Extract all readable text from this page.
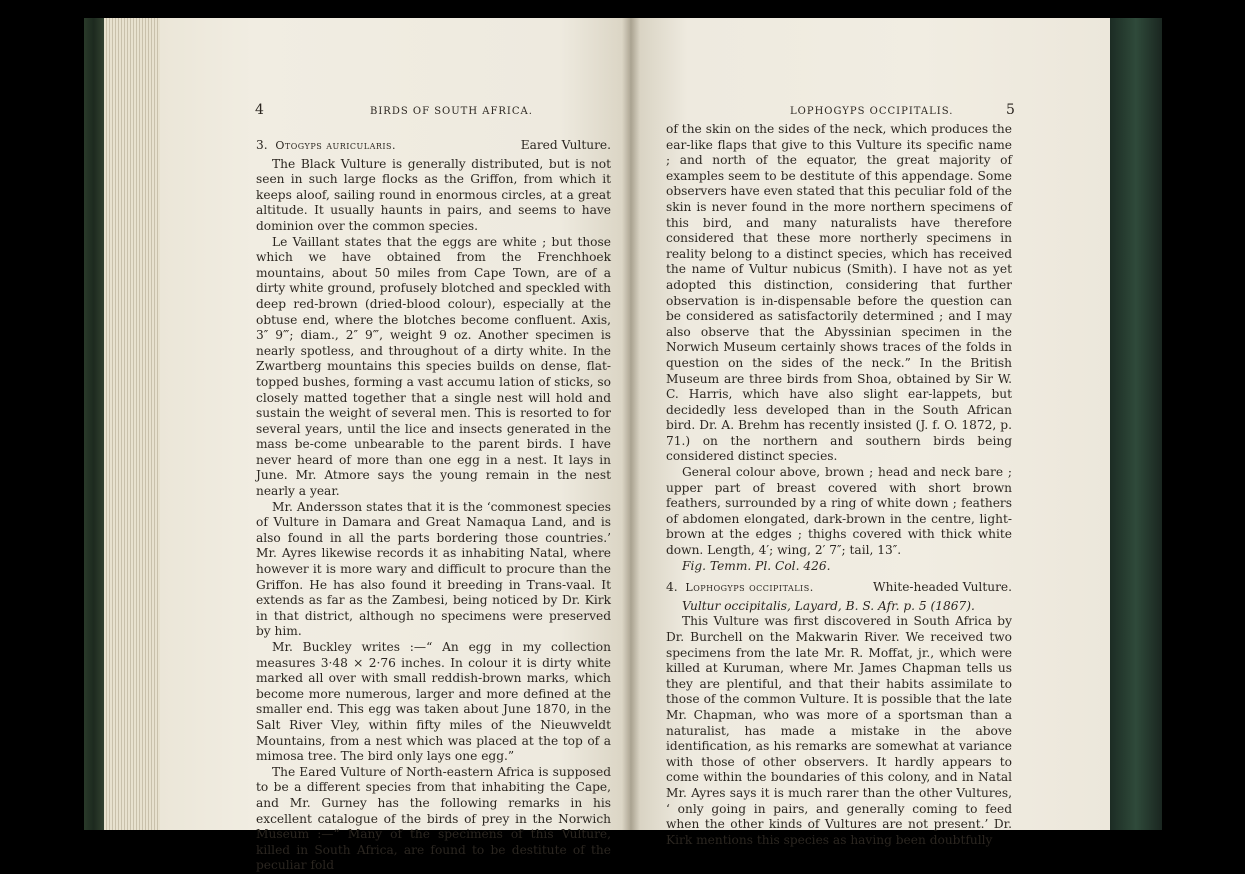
4	BIRDS OF SOUTH AFRICA.
3. Otogyps auricularis.	Eared Vulture.

The Black Vulture is generally distributed, but is not seen in such large flocks as the Griffon, from which it keeps aloof, sailing round in enormous circles, at a great altitude. It usually haunts in pairs, and seems to have dominion over the common species.

Le Vaillant states that the eggs are white ; but those which we have obtained from the Frenchhoek mountains, about 50 miles from Cape Town, are of a dirty white ground, profusely blotched and speckled with deep red-brown (dried-blood colour), especially at the obtuse end, where the blotches become confluent. Axis, 3″ 9‴; diam., 2″ 9‴, weight 9 oz. Another specimen is nearly spotless, and throughout of a dirty white. In the Zwartberg mountains this species builds on dense, flat-topped bushes, forming a vast accumu lation of sticks, so closely matted together that a single nest will hold and sustain the weight of several men. This is resorted to for several years, until the lice and insects generated in the mass be-come unbearable to the parent birds. I have never heard of more than one egg in a nest. It lays in June. Mr. Atmore says the young remain in the nest nearly a year.

Mr. Andersson states that it is the ‘commonest species of Vulture in Damara and Great Namaqua Land, and is also found in all the parts bordering those countries.’ Mr. Ayres likewise records it as inhabiting Natal, where however it is more wary and difficult to procure than the Griffon. He has also found it breeding in Trans-vaal. It extends as far as the Zambesi, being noticed by Dr. Kirk in that district, although no specimens were preserved by him.

Mr. Buckley writes :—“ An egg in my collection measures 3·48 × 2·76 inches. In colour it is dirty white marked all over with small reddish-brown marks, which become more numerous, larger and more defined at the smaller end. This egg was taken about June 1870, in the Salt River Vley, within fifty miles of the Nieuwveldt Mountains, from a nest which was placed at the top of a mimosa tree. The bird only lays one egg.”

The Eared Vulture of North-eastern Africa is supposed to be a different species from that inhabiting the Cape, and Mr. Gurney has the following remarks in his excellent catalogue of the birds of prey in the Norwich Museum :—“ Many of the specimens of this Vulture, killed in South Africa, are found to be destitute of the peculiar fold

LOPHOGYPS OCCIPITALIS.	5

of the skin on the sides of the neck, which produces the ear-like flaps that give to this Vulture its specific name ; and north of the equator, the great majority of examples seem to be destitute of this appendage. Some observers have even stated that this peculiar fold of the skin is never found in the more northern specimens of this bird, and many naturalists have therefore considered that these more northerly specimens in reality belong to a distinct species, which has received the name of Vultur nubicus (Smith). I have not as yet adopted this distinction, considering that further observation is in-dispensable before the question can be considered as satisfactorily determined ; and I may also observe that the Abyssinian specimen in the Norwich Museum certainly shows traces of the folds in question on the sides of the neck.” In the British Museum are three birds from Shoa, obtained by Sir W. C. Harris, which have also slight ear-lappets, but decidedly less developed than in the South African bird. Dr. A. Brehm has recently insisted (J. f. O. 1872, p. 71.) on the northern and southern birds being considered distinct species.

General colour above, brown ; head and neck bare ; upper part of breast covered with short brown feathers, surrounded by a ring of white down ; feathers of abdomen elongated, dark-brown in the centre, light-brown at the edges ; thighs covered with thick white down. Length, 4′; wing, 2′ 7″; tail, 13″.

Fig. Temm. Pl. Col. 426.

4. Lophogyps occipitalis.	White-headed Vulture.

Vultur occipitalis, Layard, B. S. Afr. p. 5 (1867).

This Vulture was first discovered in South Africa by Dr. Burchell on the Makwarin River. We received two specimens from the late Mr. R. Moffat, jr., which were killed at Kuruman, where Mr. James Chapman tells us they are plentiful, and that their habits assimilate to those of the common Vulture. It is possible that the late Mr. Chapman, who was more of a sportsman than a naturalist, has made a mistake in the above identification, as his remarks are somewhat at variance with those of other observers. It hardly appears to come within the boundaries of this colony, and in Natal Mr. Ayres says it is much rarer than the other Vultures, ‘ only going in pairs, and generally coming to feed when the other kinds of Vultures are not present.’ Dr. Kirk mentions this species as having been doubtfully
